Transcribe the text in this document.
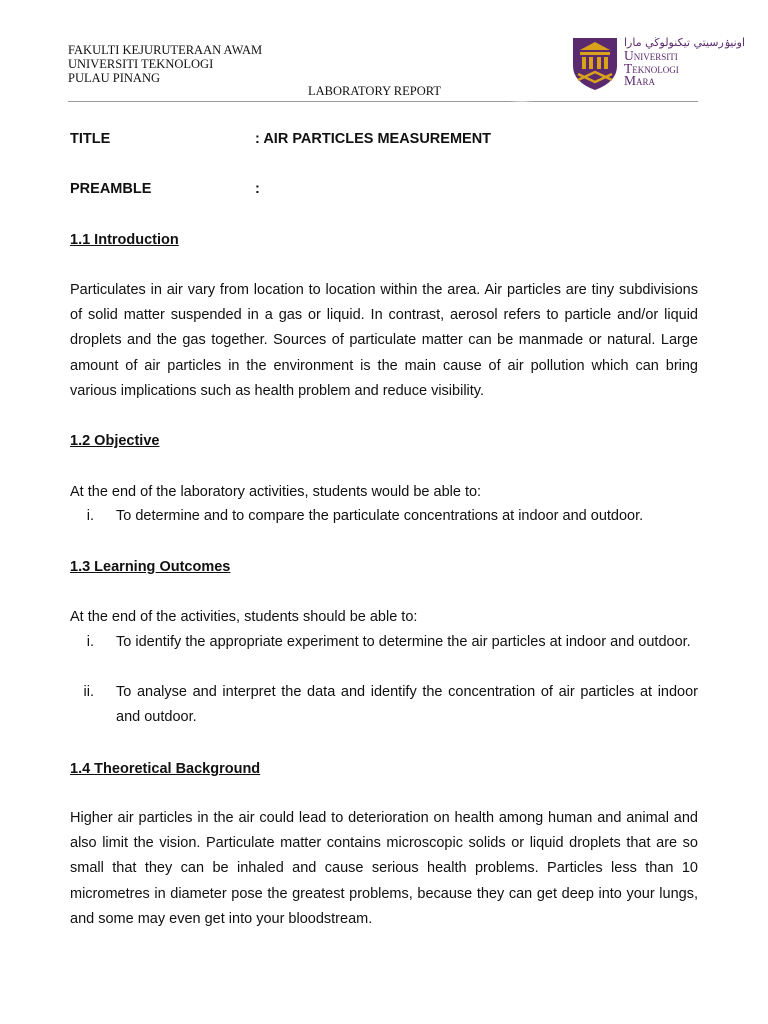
FAKULTI KEJURUTERAAN AWAM
UNIVERSITI TEKNOLOGI
PULAU PINANG
LABORATORY REPORT
اونيۏرسيتي تيكنولوڬي مارا
Universiti
Teknologi
Mara
TITLE	: AIR PARTICLES MEASUREMENT
PREAMBLE	:
1.1 Introduction
Particulates in air vary from location to location within the area. Air particles are tiny subdivisions of solid matter suspended in a gas or liquid. In contrast, aerosol refers to particle and/or liquid droplets and the gas together. Sources of particulate matter can be manmade or natural. Large amount of air particles in the environment is the main cause of air pollution which can bring various implications such as health problem and reduce visibility.
1.2 Objective
At the end of the laboratory activities, students would be able to:
i. To determine and to compare the particulate concentrations at indoor and outdoor.
1.3 Learning Outcomes
At the end of the activities, students should be able to:
i. To identify the appropriate experiment to determine the air particles at indoor and outdoor.
ii. To analyse and interpret the data and identify the concentration of air particles at indoor and outdoor.
1.4 Theoretical Background
Higher air particles in the air could lead to deterioration on health among human and animal and also limit the vision. Particulate matter contains microscopic solids or liquid droplets that are so small that they can be inhaled and cause serious health problems. Particles less than 10 micrometres in diameter pose the greatest problems, because they can get deep into your lungs, and some may even get into your bloodstream.
